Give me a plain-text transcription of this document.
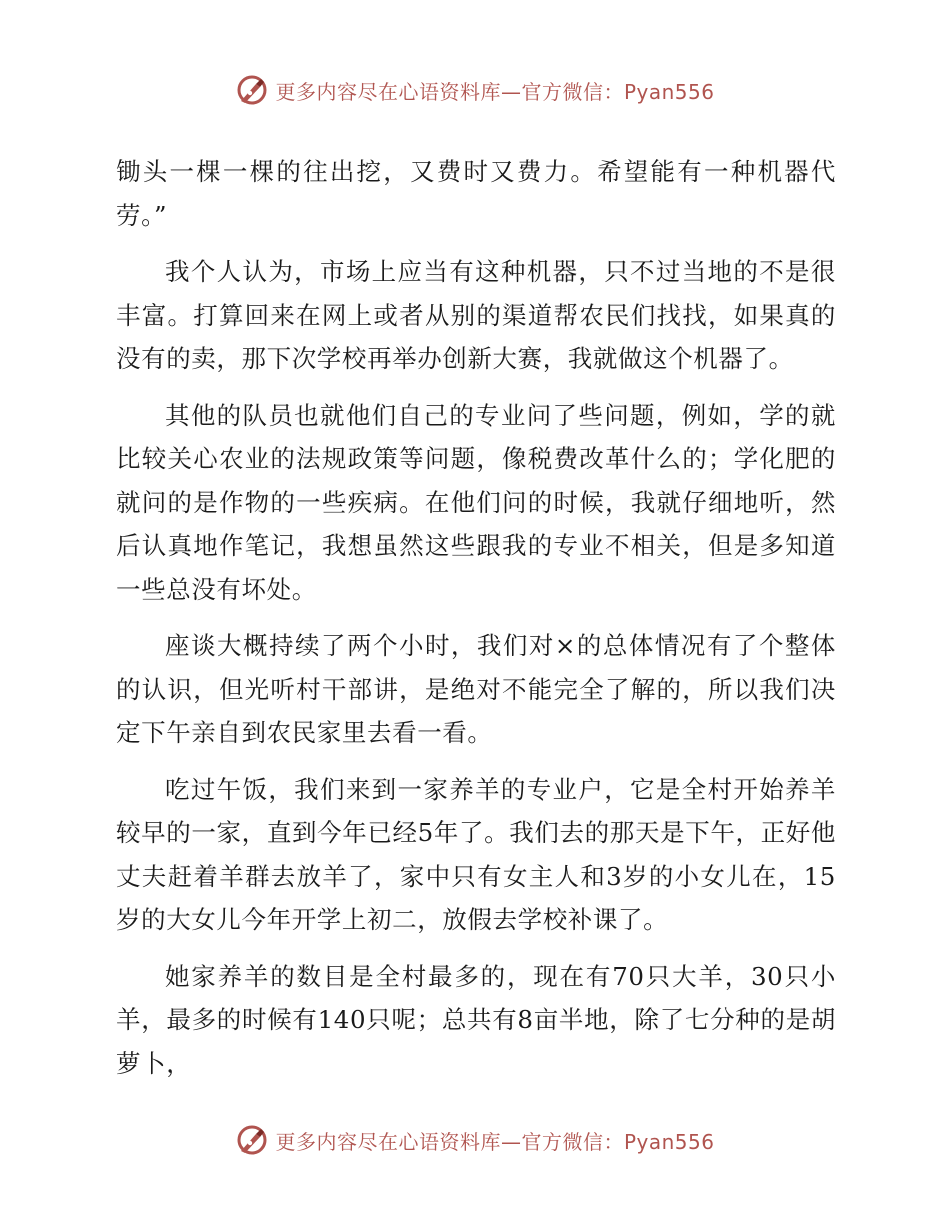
更多内容尽在心语资料库—官方微信：Pyan556

锄头一棵一棵的往出挖，又费时又费力。希望能有一种机器代劳。”

我个人认为，市场上应当有这种机器，只不过当地的不是很丰富。打算回来在网上或者从别的渠道帮农民们找找，如果真的没有的卖，那下次学校再举办创新大赛，我就做这个机器了。

其他的队员也就他们自己的专业问了些问题，例如，学的就比较关心农业的法规政策等问题，像税费改革什么的；学化肥的就问的是作物的一些疾病。在他们问的时候，我就仔细地听，然后认真地作笔记，我想虽然这些跟我的专业不相关，但是多知道一些总没有坏处。

座谈大概持续了两个小时，我们对×的总体情况有了个整体的认识，但光听村干部讲，是绝对不能完全了解的，所以我们决定下午亲自到农民家里去看一看。

吃过午饭，我们来到一家养羊的专业户，它是全村开始养羊较早的一家，直到今年已经5年了。我们去的那天是下午，正好他丈夫赶着羊群去放羊了，家中只有女主人和3岁的小女儿在，15岁的大女儿今年开学上初二，放假去学校补课了。

她家养羊的数目是全村最多的，现在有70只大羊，30只小羊，最多的时候有140只呢；总共有8亩半地，除了七分种的是胡萝卜，

更多内容尽在心语资料库—官方微信：Pyan556
